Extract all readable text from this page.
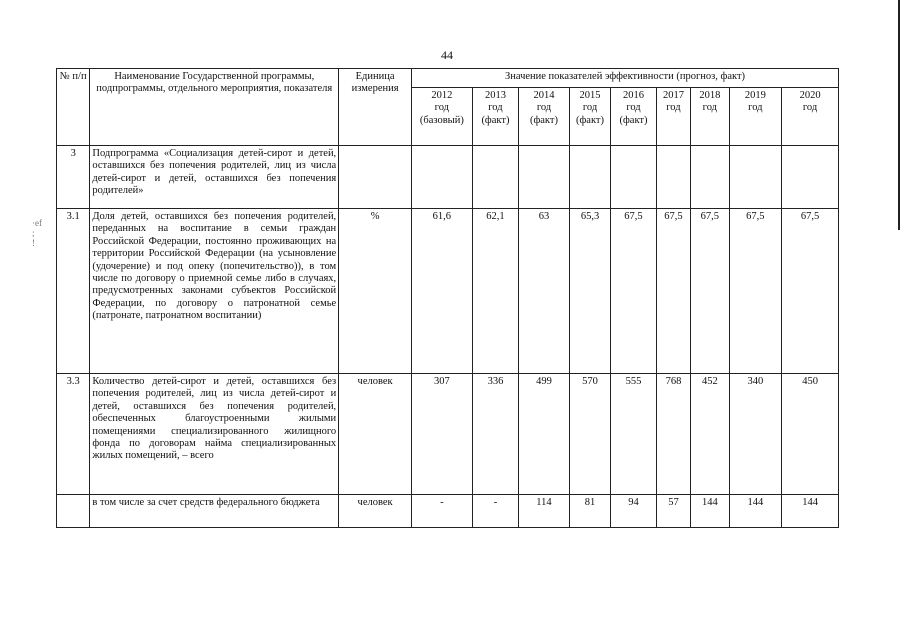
44
·ef
;
!
№ п/п	Наименование Государственной программы, подпрограммы, отдельного мероприятия, показателя	Единица измерения	Значение показателей эффективности (прогноз, факт)								
			2012
год
(базовый)	2013
год
(факт)	2014
год
(факт)	2015
год
(факт)	2016
год
(факт)	2017
год	2018
год	2019
год	2020
год
3	Подпрограмма «Социализация детей-сирот и детей, оставшихся без попечения родителей, лиц из числа детей-сирот и детей, оставшихся без попечения родителей»										
3.1	Доля детей, оставшихся без попечения родителей, переданных на воспитание в семьи граждан Российской Федерации, постоянно проживающих на территории Российской Федерации (на усыновление (удочерение) и под опеку (попечительство)), в том числе по договору о приемной семье либо в случаях, предусмотренных законами субъектов Российской Федерации, по договору о патронатной семье (патронате, патронатном воспитании)	%	61,6	62,1	63	65,3	67,5	67,5	67,5	67,5	67,5
3.3	Количество детей-сирот и детей, оставшихся без попечения родителей, лиц из числа детей-сирот и детей, оставшихся без попечения родителей, обеспеченных благоустроенными жилыми помещениями специализированного жилищного фонда по договорам найма специализированных жилых помещений, – всего	человек	307	336	499	570	555	768	452	340	450
	в том числе за счет средств федерального бюджета	человек	-	-	114	81	94	57	144	144	144
